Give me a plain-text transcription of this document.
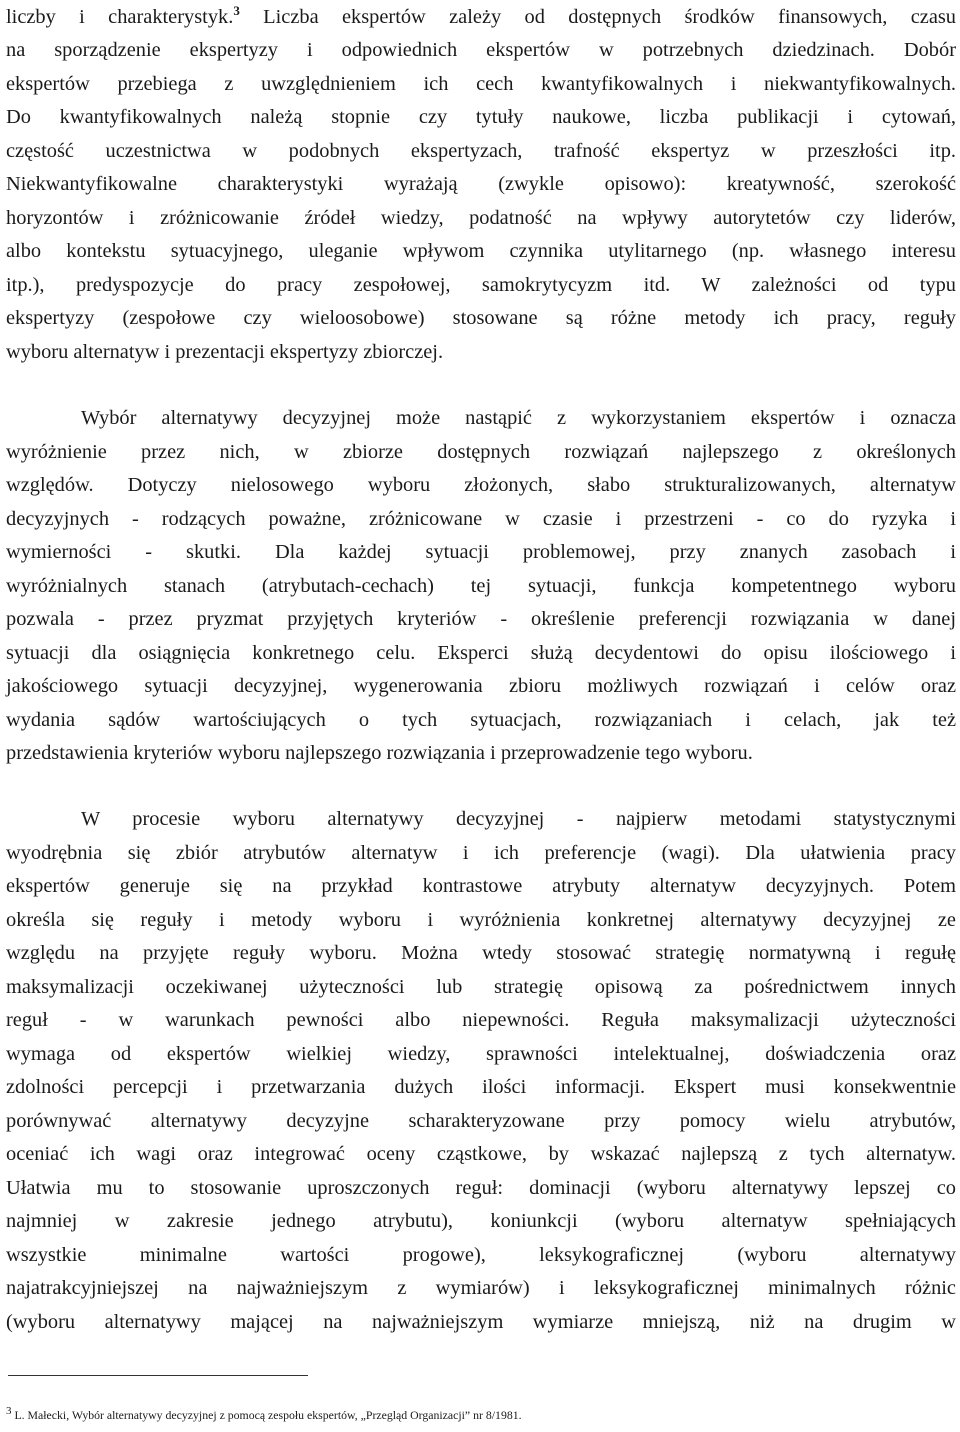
liczby i charakterystyk.$^3$ Liczba ekspertów zależy od dostępnych środków finansowych, czasu
na sporządzenie ekspertyzy i odpowiednich ekspertów w potrzebnych dziedzinach. Dobór
ekspertów przebiega z uwzględnieniem ich cech kwantyfikowalnych i niekwantyfikowalnych.
Do kwantyfikowalnych należą stopnie czy tytuły naukowe, liczba publikacji i cytowań,
częstość uczestnictwa w podobnych ekspertyzach, trafność ekspertyz w przeszłości itp.
Niekwantyfikowalne charakterystyki wyrażają (zwykle opisowo): kreatywność, szerokość
horyzontów i zróżnicowanie źródeł wiedzy, podatność na wpływy autorytetów czy liderów,
albo kontekstu sytuacyjnego, uleganie wpływom czynnika utylitarnego (np. własnego interesu
itp.), predyspozycje do pracy zespołowej, samokrytycyzm itd. W zależności od typu
ekspertyzy (zespołowe czy wieloosobowe) stosowane są różne metody ich pracy, reguły
wyboru alternatyw i prezentacji ekspertyzy zbiorczej.
Wybór alternatywy decyzyjnej może nastąpić z wykorzystaniem ekspertów i oznacza
wyróżnienie przez nich, w zbiorze dostępnych rozwiązań najlepszego z określonych
względów. Dotyczy nielosowego wyboru złożonych, słabo strukturalizowanych, alternatyw
decyzyjnych - rodzących poważne, zróżnicowane w czasie i przestrzeni - co do ryzyka i
wymierności - skutki. Dla każdej sytuacji problemowej, przy znanych zasobach i
wyróżnialnych stanach (atrybutach-cechach) tej sytuacji, funkcja kompetentnego wyboru
pozwala - przez pryzmat przyjętych kryteriów - określenie preferencji rozwiązania w danej
sytuacji dla osiągnięcia konkretnego celu. Eksperci służą decydentowi do opisu ilościowego i
jakościowego sytuacji decyzyjnej, wygenerowania zbioru możliwych rozwiązań i celów oraz
wydania sądów wartościujących o tych sytuacjach, rozwiązaniach i celach, jak też
przedstawienia kryteriów wyboru najlepszego rozwiązania i przeprowadzenie tego wyboru.
W procesie wyboru alternatywy decyzyjnej - najpierw metodami statystycznymi
wyodrębnia się zbiór atrybutów alternatyw i ich preferencje (wagi). Dla ułatwienia pracy
ekspertów generuje się na przykład kontrastowe atrybuty alternatyw decyzyjnych. Potem
określa się reguły i metody wyboru i wyróżnienia konkretnej alternatywy decyzyjnej ze
względu na przyjęte reguły wyboru. Można wtedy stosować strategię normatywną i regułę
maksymalizacji oczekiwanej użyteczności lub strategię opisową za pośrednictwem innych
reguł - w warunkach pewności albo niepewności. Reguła maksymalizacji użyteczności
wymaga od ekspertów wielkiej wiedzy, sprawności intelektualnej, doświadczenia oraz
zdolności percepcji i przetwarzania dużych ilości informacji. Ekspert musi konsekwentnie
porównywać alternatywy decyzyjne scharakteryzowane przy pomocy wielu atrybutów,
oceniać ich wagi oraz integrować oceny cząstkowe, by wskazać najlepszą z tych alternatyw.
Ułatwia mu to stosowanie uproszczonych reguł: dominacji (wyboru alternatywy lepszej co
najmniej w zakresie jednego atrybutu), koniunkcji (wyboru alternatyw spełniających
wszystkie minimalne wartości progowe), leksykograficznej (wyboru alternatywy
najatrakcyjniejszej na najważniejszym z wymiarów) i leksykograficznej minimalnych różnic
(wyboru alternatywy mającej na najważniejszym wymiarze mniejszą, niż na drugim w
$^3$ L. Małecki, Wybór alternatywy decyzyjnej z pomocą zespołu ekspertów, „Przegląd Organizacji” nr 8/1981.
